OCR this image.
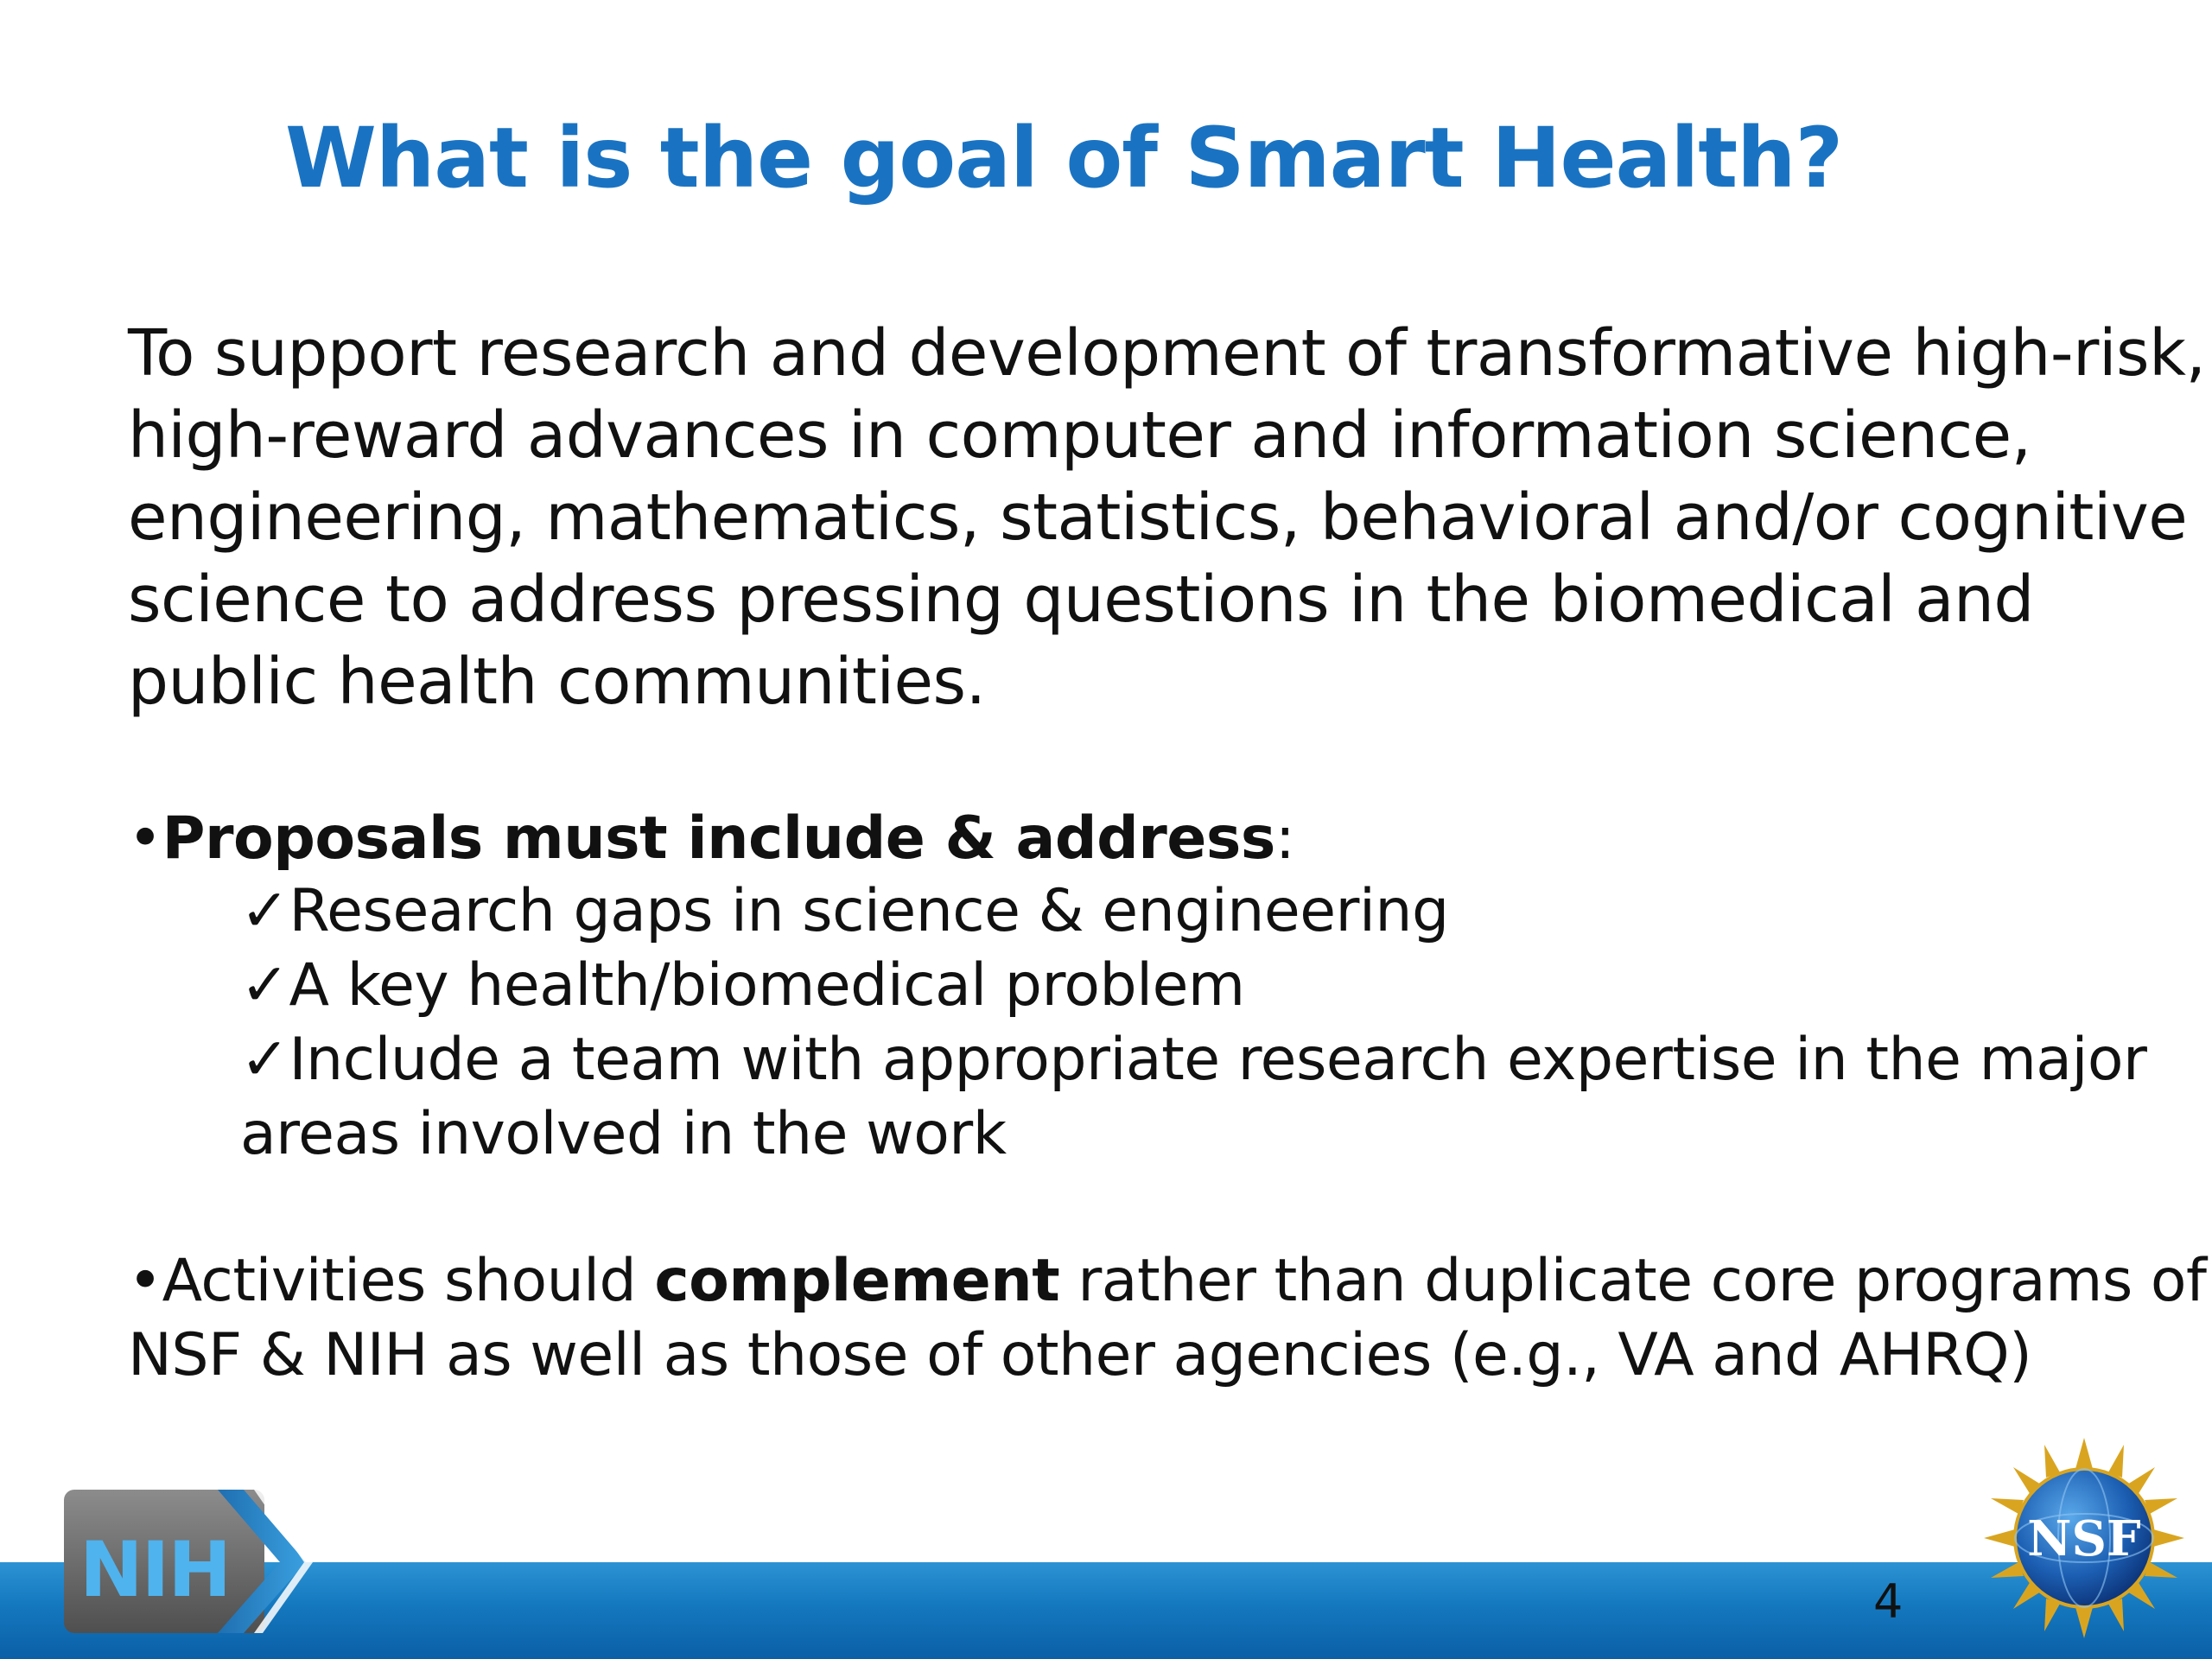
What is the goal of Smart Health?

To support research and development of transformative high-risk,
high-reward advances in computer and information science,
engineering, mathematics, statistics, behavioral and/or cognitive
science to address pressing questions in the biomedical and
public health communities.

•Proposals must include & address:

✓Research gaps in science & engineering
✓A key health/biomedical problem
✓Include a team with appropriate research expertise in the major
areas involved in the work

•Activities should complement rather than duplicate core programs of
NSF & NIH as well as those of other agencies (e.g., VA and AHRQ)

NIH	NSF
4
